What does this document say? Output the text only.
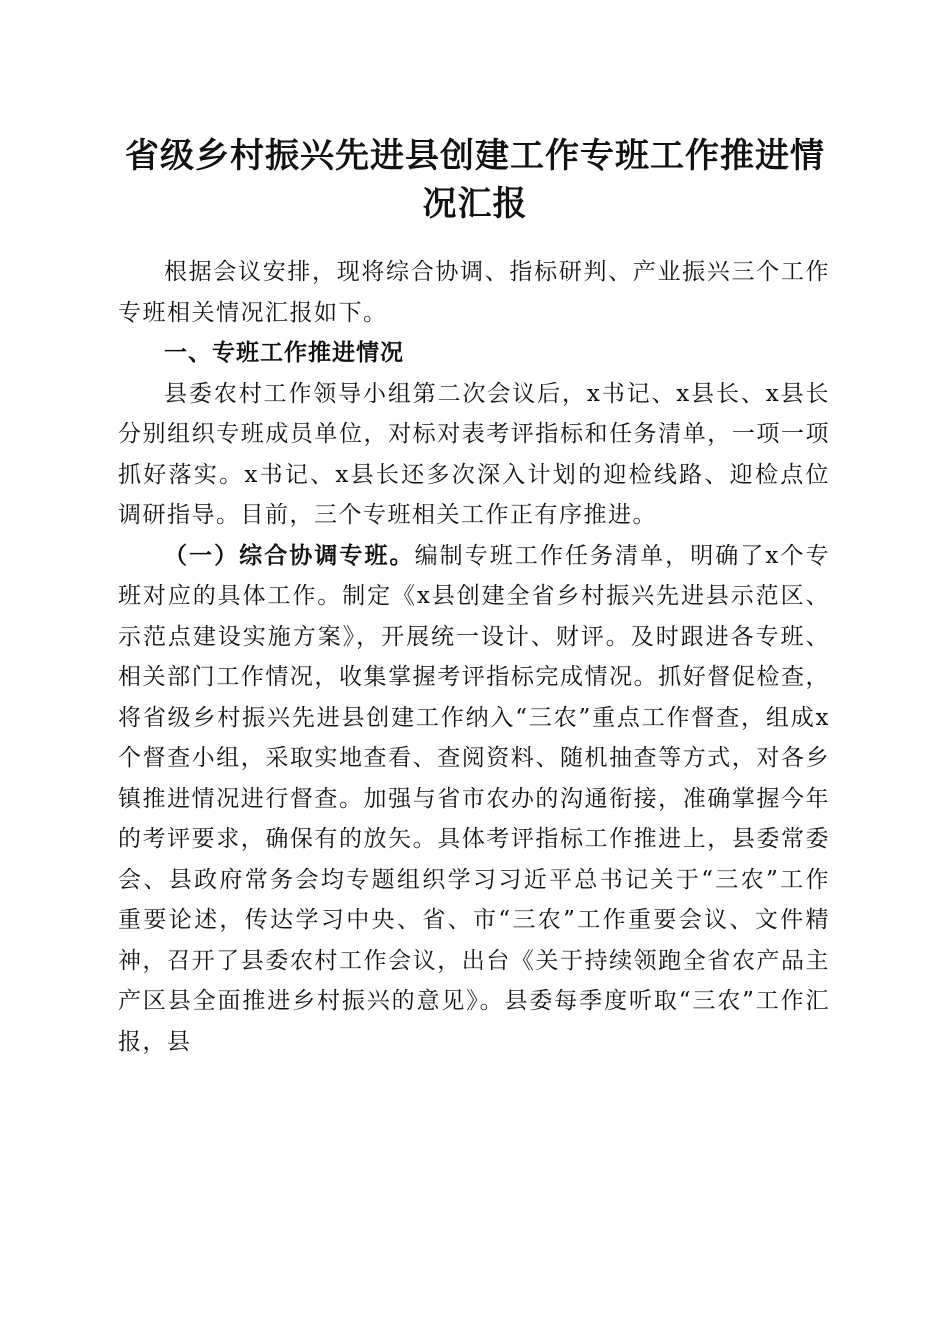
省级乡村振兴先进县创建工作专班工作推进情况汇报

根据会议安排，现将综合协调、指标研判、产业振兴三个工作专班相关情况汇报如下。

一、专班工作推进情况

县委农村工作领导小组第二次会议后，x书记、x县长、x县长分别组织专班成员单位，对标对表考评指标和任务清单，一项一项抓好落实。x书记、x县长还多次深入计划的迎检线路、迎检点位调研指导。目前，三个专班相关工作正有序推进。

（一）综合协调专班。编制专班工作任务清单，明确了x个专班对应的具体工作。制定《x县创建全省乡村振兴先进县示范区、示范点建设实施方案》，开展统一设计、财评。及时跟进各专班、相关部门工作情况，收集掌握考评指标完成情况。抓好督促检查，将省级乡村振兴先进县创建工作纳入“三农”重点工作督查，组成x个督查小组，采取实地查看、查阅资料、随机抽查等方式，对各乡镇推进情况进行督查。加强与省市农办的沟通衔接，准确掌握今年的考评要求，确保有的放矢。具体考评指标工作推进上，县委常委会、县政府常务会均专题组织学习习近平总书记关于“三农”工作重要论述，传达学习中央、省、市“三农”工作重要会议、文件精神，召开了县委农村工作会议，出台《关于持续领跑全省农产品主产区县全面推进乡村振兴的意见》。县委每季度听取“三农”工作汇报，县
